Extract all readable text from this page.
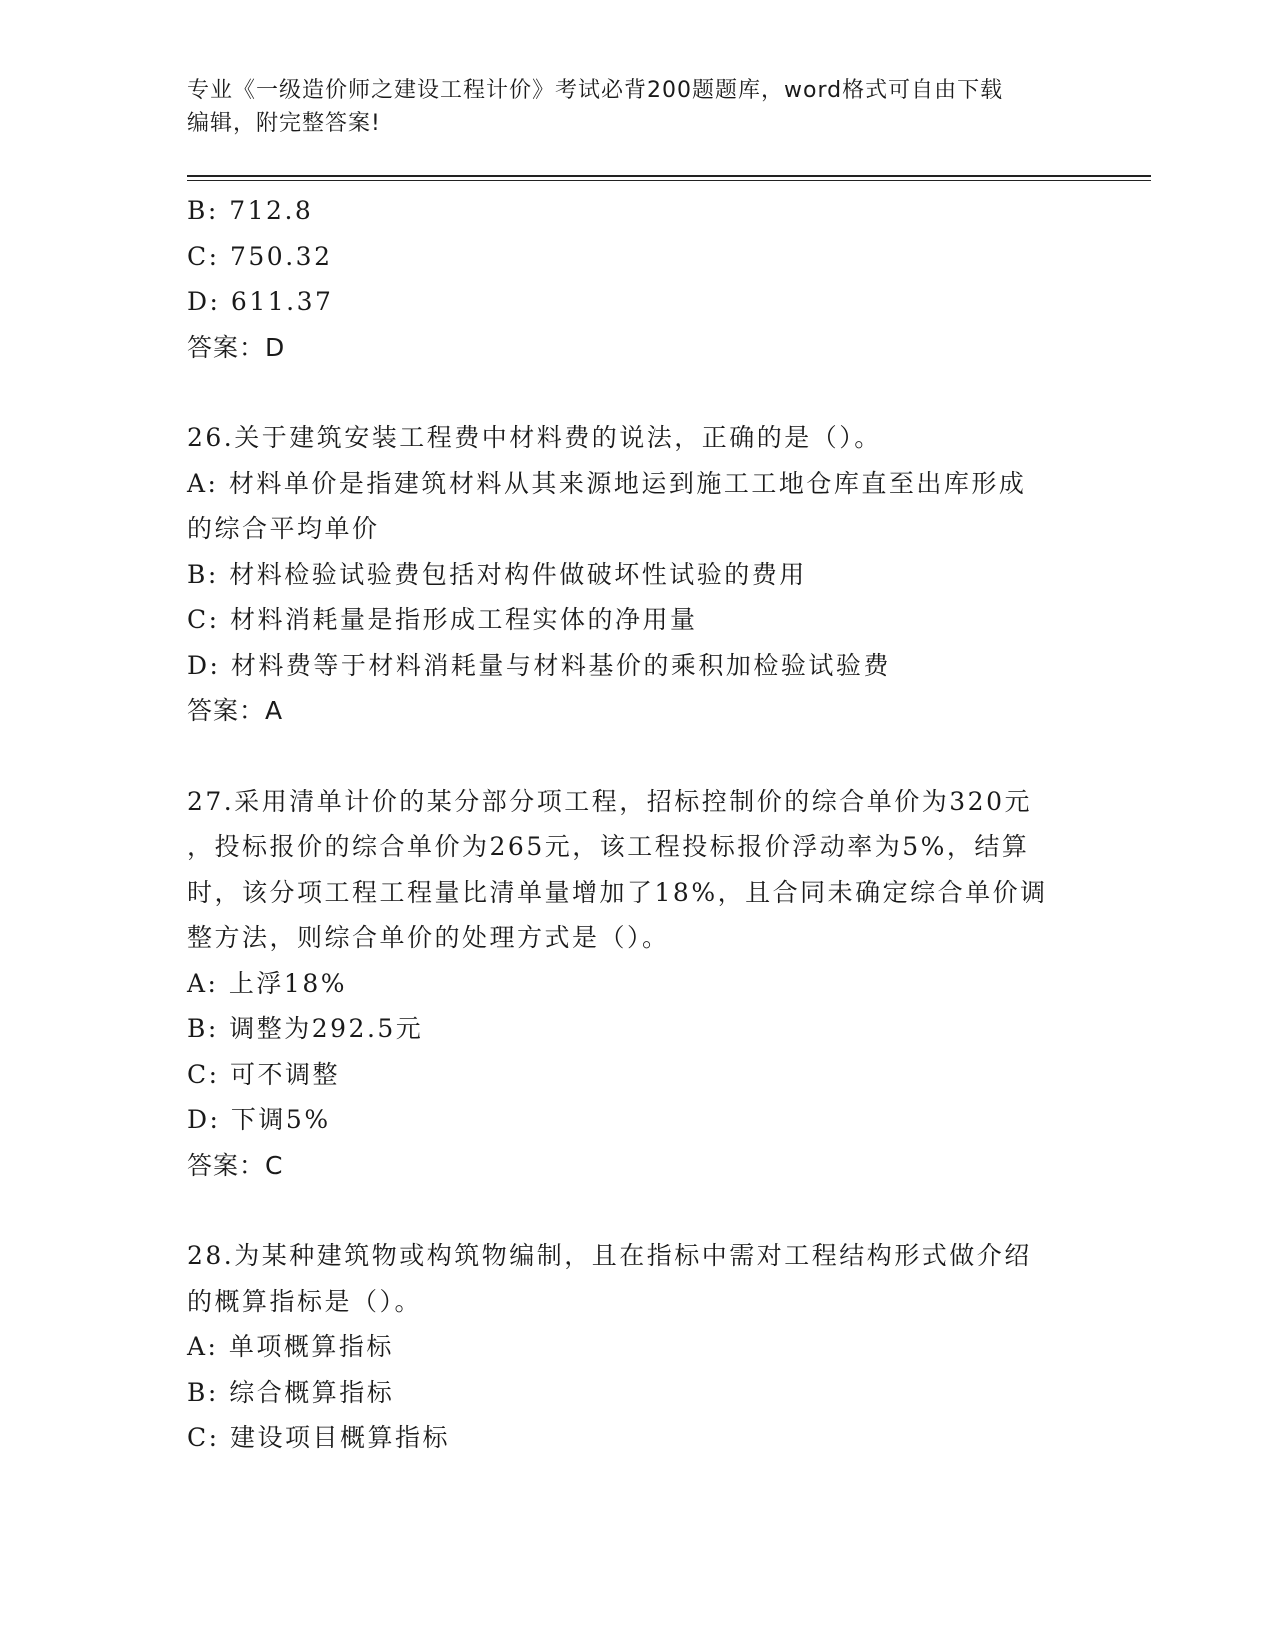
专业《一级造价师之建设工程计价》考试必背200题题库，word格式可自由下载
编辑，附完整答案!
B: 712.8
C: 750.32
D: 611.37
答案：D
26.关于建筑安装工程费中材料费的说法，正确的是（）。
A: 材料单价是指建筑材料从其来源地运到施工工地仓库直至出库形成
的综合平均单价
B: 材料检验试验费包括对构件做破坏性试验的费用
C: 材料消耗量是指形成工程实体的净用量
D: 材料费等于材料消耗量与材料基价的乘积加检验试验费
答案：A
27.采用清单计价的某分部分项工程，招标控制价的综合单价为320元
，投标报价的综合单价为265元，该工程投标报价浮动率为5%，结算
时，该分项工程工程量比清单量增加了18%，且合同未确定综合单价调
整方法，则综合单价的处理方式是（）。
A: 上浮18%
B: 调整为292.5元
C: 可不调整
D: 下调5%
答案：C
28.为某种建筑物或构筑物编制，且在指标中需对工程结构形式做介绍
的概算指标是（）。
A: 单项概算指标
B: 综合概算指标
C: 建设项目概算指标
